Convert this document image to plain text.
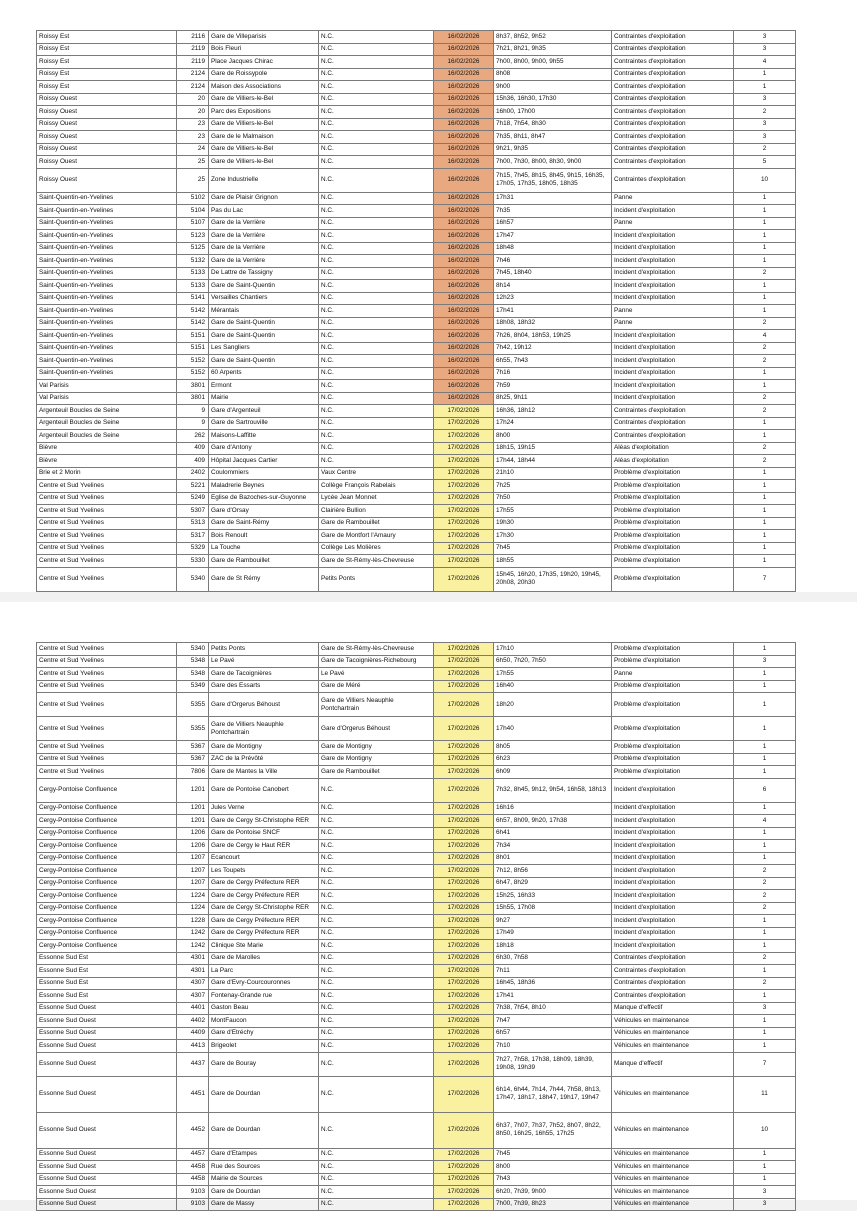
Roissy Est	2116	Gare de Villeparisis	N.C.	16/02/2026	8h37, 8h52, 9h52	Contraintes d'exploitation	3
Roissy Est	2119	Bois Fleuri	N.C.	16/02/2026	7h21, 8h21, 9h35	Contraintes d'exploitation	3
Roissy Est	2119	Place Jacques Chirac	N.C.	16/02/2026	7h00, 8h00, 9h00, 9h55	Contraintes d'exploitation	4
Roissy Est	2124	Gare de Roissypole	N.C.	16/02/2026	8h08	Contraintes d'exploitation	1
Roissy Est	2124	Maison des Associations	N.C.	16/02/2026	9h00	Contraintes d'exploitation	1
Roissy Ouest	20	Gare de Villiers-le-Bel	N.C.	16/02/2026	15h36, 16h30, 17h30	Contraintes d'exploitation	3
Roissy Ouest	20	Parc des Expositions	N.C.	16/02/2026	16h00, 17h00	Contraintes d'exploitation	2
Roissy Ouest	23	Gare de Villiers-le-Bel	N.C.	16/02/2026	7h18, 7h54, 8h30	Contraintes d'exploitation	3
Roissy Ouest	23	Gare de le Malmaison	N.C.	16/02/2026	7h35, 8h11, 8h47	Contraintes d'exploitation	3
Roissy Ouest	24	Gare de Villiers-le-Bel	N.C.	16/02/2026	9h21, 9h35	Contraintes d'exploitation	2
Roissy Ouest	25	Gare de Villiers-le-Bel	N.C.	16/02/2026	7h00, 7h30, 8h00, 8h30, 9h00	Contraintes d'exploitation	5
Roissy Ouest	25	Zone Industrielle	N.C.	16/02/2026	7h15, 7h45, 8h15, 8h45, 9h15, 16h35, 17h05, 17h35, 18h05, 18h35	Contraintes d'exploitation	10
Saint-Quentin-en-Yvelines	5102	Gare de Plaisir Grignon	N.C.	16/02/2026	17h31	Panne	1
Saint-Quentin-en-Yvelines	5104	Pas du Lac	N.C.	16/02/2026	7h35	Incident d'exploitation	1
Saint-Quentin-en-Yvelines	5107	Gare de la Verrière	N.C.	16/02/2026	16h57	Panne	1
Saint-Quentin-en-Yvelines	5123	Gare de la Verrière	N.C.	16/02/2026	17h47	Incident d'exploitation	1
Saint-Quentin-en-Yvelines	5125	Gare de la Verrière	N.C.	16/02/2026	18h48	Incident d'exploitation	1
Saint-Quentin-en-Yvelines	5132	Gare de la Verrière	N.C.	16/02/2026	7h46	Incident d'exploitation	1
Saint-Quentin-en-Yvelines	5133	De Lattre de Tassigny	N.C.	16/02/2026	7h45, 18h40	Incident d'exploitation	2
Saint-Quentin-en-Yvelines	5133	Gare de Saint-Quentin	N.C.	16/02/2026	8h14	Incident d'exploitation	1
Saint-Quentin-en-Yvelines	5141	Versailles Chantiers	N.C.	16/02/2026	12h23	Incident d'exploitation	1
Saint-Quentin-en-Yvelines	5142	Mérantais	N.C.	16/02/2026	17h41	Panne	1
Saint-Quentin-en-Yvelines	5142	Gare de Saint-Quentin	N.C.	16/02/2026	18h08, 18h32	Panne	2
Saint-Quentin-en-Yvelines	5151	Gare de Saint-Quentin	N.C.	16/02/2026	7h26, 8h04, 18h53, 19h25	Incident d'exploitation	4
Saint-Quentin-en-Yvelines	5151	Les Sangliers	N.C.	16/02/2026	7h42, 19h12	Incident d'exploitation	2
Saint-Quentin-en-Yvelines	5152	Gare de Saint-Quentin	N.C.	16/02/2026	6h55, 7h43	Incident d'exploitation	2
Saint-Quentin-en-Yvelines	5152	60 Arpents	N.C.	16/02/2026	7h16	Incident d'exploitation	1
Val Parisis	3801	Ermont	N.C.	16/02/2026	7h59	Incident d'exploitation	1
Val Parisis	3801	Mairie	N.C.	16/02/2026	8h25, 9h11	Incident d'exploitation	2
Argenteuil Boucles de Seine	9	Gare d'Argenteuil	N.C.	17/02/2026	16h36, 18h12	Contraintes d'exploitation	2
Argenteuil Boucles de Seine	9	Gare de Sartrouville	N.C.	17/02/2026	17h24	Contraintes d'exploitation	1
Argenteuil Boucles de Seine	262	Maisons-Laffitte	N.C.	17/02/2026	8h00	Contraintes d'exploitation	1
Bièvre	409	Gare d'Antony	N.C.	17/02/2026	18h15, 19h15	Aléas d'exploitation	2
Bièvre	409	Hôpital Jacques Cartier	N.C.	17/02/2026	17h44, 18h44	Aléas d'exploitation	2
Brie et 2 Morin	2402	Coulommiers	Vaux Centre	17/02/2026	21h10	Problème d'exploitation	1
Centre et Sud Yvelines	5221	Maladrerie Beynes	Collège François Rabelais	17/02/2026	7h25	Problème d'exploitation	1
Centre et Sud Yvelines	5249	Eglise de Bazoches-sur-Guyonne	Lycée Jean Monnet	17/02/2026	7h50	Problème d'exploitation	1
Centre et Sud Yvelines	5307	Gare d'Orsay	Clairière Bullion	17/02/2026	17h55	Problème d'exploitation	1
Centre et Sud Yvelines	5313	Gare de Saint-Rémy	Gare de Rambouillet	17/02/2026	19h30	Problème d'exploitation	1
Centre et Sud Yvelines	5317	Bois Renoult	Gare de Montfort l'Amaury	17/02/2026	17h30	Problème d'exploitation	1
Centre et Sud Yvelines	5329	La Touche	Collège Les Molières	17/02/2026	7h45	Problème d'exploitation	1
Centre et Sud Yvelines	5330	Gare de Rambouillet	Gare de St-Rémy-lès-Chevreuse	17/02/2026	18h55	Problème d'exploitation	1
Centre et Sud Yvelines	5340	Gare de St Rémy	Petits Ponts	17/02/2026	15h45, 16h20, 17h35, 19h20, 19h45, 20h08, 20h30	Problème d'exploitation	7
Centre et Sud Yvelines	5340	Petits Ponts	Gare de St-Rémy-lès-Chevreuse	17/02/2026	17h10	Problème d'exploitation	1
Centre et Sud Yvelines	5348	Le Pavé	Gare de Tacoignières-Richebourg	17/02/2026	6h50, 7h20, 7h50	Problème d'exploitation	3
Centre et Sud Yvelines	5348	Gare de Tacoignières	Le Pavé	17/02/2026	17h55	Panne	1
Centre et Sud Yvelines	5349	Gare des Essarts	Gare de Méré	17/02/2026	16h40	Problème d'exploitation	1
Centre et Sud Yvelines	5355	Gare d'Orgerus Béhoust	Gare de Villiers Neauphle Pontchartrain	17/02/2026	18h20	Problème d'exploitation	1
Centre et Sud Yvelines	5355	Gare de Villiers Neauphle Pontchartrain	Gare d'Orgerus Béhoust	17/02/2026	17h40	Problème d'exploitation	1
Centre et Sud Yvelines	5367	Gare de Montigny	Gare de Montigny	17/02/2026	8h05	Problème d'exploitation	1
Centre et Sud Yvelines	5367	ZAC de la Prévôté	Gare de Montigny	17/02/2026	6h23	Problème d'exploitation	1
Centre et Sud Yvelines	7806	Gare de Mantes la Ville	Gare de Rambouillet	17/02/2026	6h09	Problème d'exploitation	1
Cergy-Pontoise Confluence	1201	Gare de Pontoise Canobert	N.C.	17/02/2026	7h32, 8h45, 9h12, 9h54, 16h58, 18h13	Incident d'exploitation	6
Cergy-Pontoise Confluence	1201	Jules Verne	N.C.	17/02/2026	16h16	Incident d'exploitation	1
Cergy-Pontoise Confluence	1201	Gare de Cergy St-Christophe RER	N.C.	17/02/2026	6h57, 8h09, 9h20, 17h38	Incident d'exploitation	4
Cergy-Pontoise Confluence	1206	Gare de Pontoise SNCF	N.C.	17/02/2026	6h41	Incident d'exploitation	1
Cergy-Pontoise Confluence	1206	Gare de Cergy le Haut RER	N.C.	17/02/2026	7h34	Incident d'exploitation	1
Cergy-Pontoise Confluence	1207	Ecancourt	N.C.	17/02/2026	8h01	Incident d'exploitation	1
Cergy-Pontoise Confluence	1207	Les Toupets	N.C.	17/02/2026	7h12, 8h56	Incident d'exploitation	2
Cergy-Pontoise Confluence	1207	Gare de Cergy Préfecture RER	N.C.	17/02/2026	6h47, 8h29	Incident d'exploitation	2
Cergy-Pontoise Confluence	1224	Gare de Cergy Préfecture RER	N.C.	17/02/2026	15h25, 16h33	Incident d'exploitation	2
Cergy-Pontoise Confluence	1224	Gare de Cergy St-Christophe RER	N.C.	17/02/2026	15h55, 17h08	Incident d'exploitation	2
Cergy-Pontoise Confluence	1228	Gare de Cergy Préfecture RER	N.C.	17/02/2026	9h27	Incident d'exploitation	1
Cergy-Pontoise Confluence	1242	Gare de Cergy Préfecture RER	N.C.	17/02/2026	17h49	Incident d'exploitation	1
Cergy-Pontoise Confluence	1242	Clinique Ste Marie	N.C.	17/02/2026	18h18	Incident d'exploitation	1
Essonne Sud Est	4301	Gare de Marolles	N.C.	17/02/2026	6h30, 7h58	Contraintes d'exploitation	2
Essonne Sud Est	4301	La Parc	N.C.	17/02/2026	7h11	Contraintes d'exploitation	1
Essonne Sud Est	4307	Gare d'Evry-Courcouronnes	N.C.	17/02/2026	16h45, 18h36	Contraintes d'exploitation	2
Essonne Sud Est	4307	Fontenay-Grande rue	N.C.	17/02/2026	17h41	Contraintes d'exploitation	1
Essonne Sud Ouest	4401	Gaston Beau	N.C.	17/02/2026	7h38, 7h54, 8h10	Manque d'effectif	3
Essonne Sud Ouest	4402	MontFaucon	N.C.	17/02/2026	7h47	Véhicules en maintenance	1
Essonne Sud Ouest	4409	Gare d'Etréchy	N.C.	17/02/2026	6h57	Véhicules en maintenance	1
Essonne Sud Ouest	4413	Brigeolet	N.C.	17/02/2026	7h10	Véhicules en maintenance	1
Essonne Sud Ouest	4437	Gare de Bouray	N.C.	17/02/2026	7h27, 7h58, 17h38, 18h09, 18h39, 19h08, 19h39	Manque d'effectif	7
Essonne Sud Ouest	4451	Gare de Dourdan	N.C.	17/02/2026	6h14, 6h44, 7h14, 7h44, 7h58, 8h13, 17h47, 18h17, 18h47, 19h17, 19h47	Véhicules en maintenance	11
Essonne Sud Ouest	4452	Gare de Dourdan	N.C.	17/02/2026	6h37, 7h07, 7h37, 7h52, 8h07, 8h22, 8h50, 16h25, 16h55, 17h25	Véhicules en maintenance	10
Essonne Sud Ouest	4457	Gare d'Etampes	N.C.	17/02/2026	7h45	Véhicules en maintenance	1
Essonne Sud Ouest	4458	Rue des Sources	N.C.	17/02/2026	8h00	Véhicules en maintenance	1
Essonne Sud Ouest	4458	Mairie de Sources	N.C.	17/02/2026	7h43	Véhicules en maintenance	1
Essonne Sud Ouest	9103	Gare de Dourdan	N.C.	17/02/2026	6h20, 7h39, 9h00	Véhicules en maintenance	3
Essonne Sud Ouest	9103	Gare de Massy	N.C.	17/02/2026	7h00, 7h39, 8h23	Véhicules en maintenance	3
